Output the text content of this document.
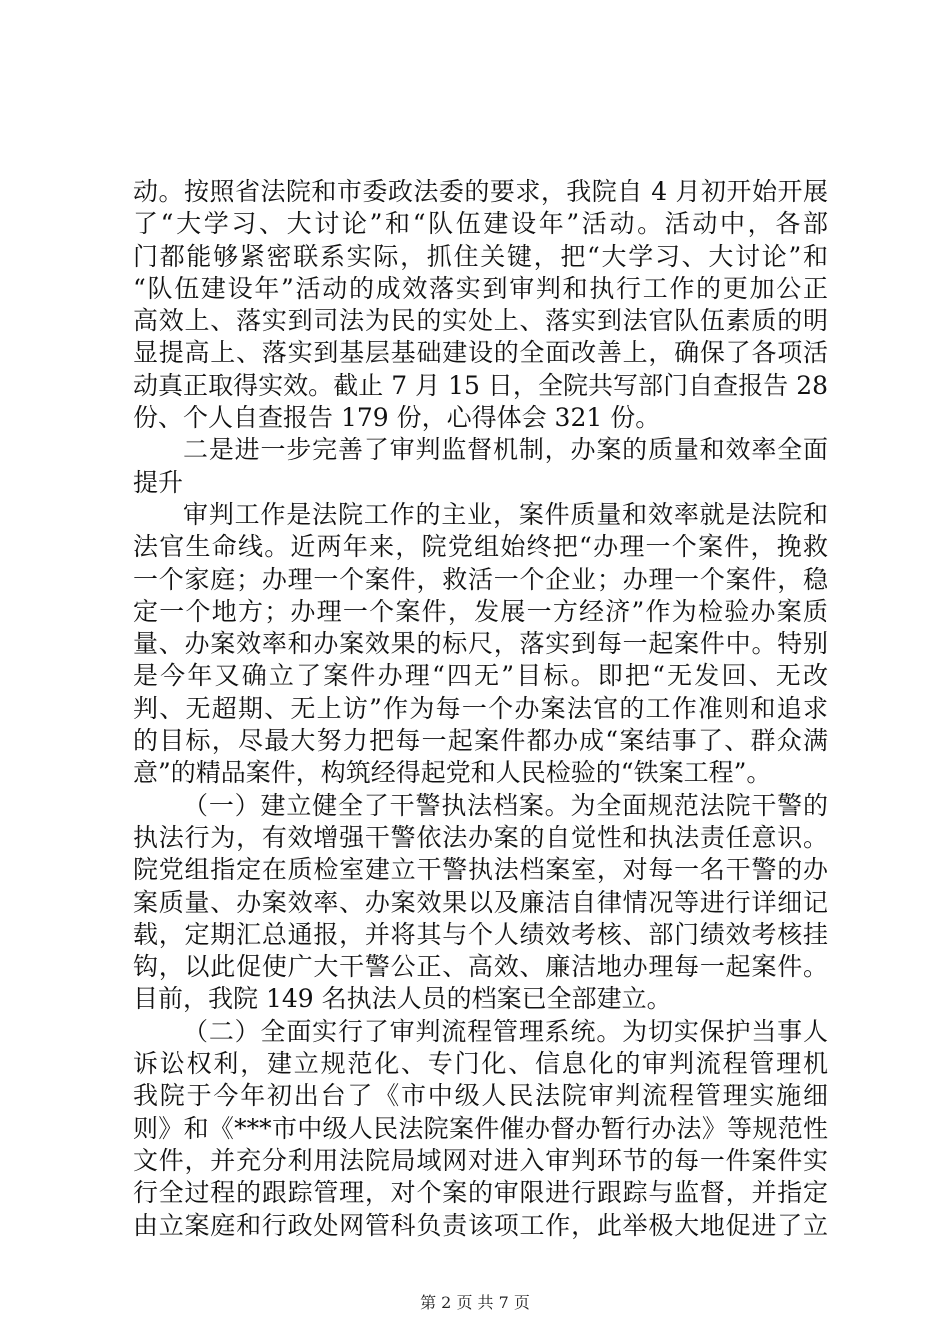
动。按照省法院和市委政法委的要求，我院自 4 月初开始开展
了“大学习、大讨论”和“队伍建设年”活动。活动中，各部
门都能够紧密联系实际，抓住关键，把“大学习、大讨论”和
“队伍建设年”活动的成效落实到审判和执行工作的更加公正
高效上、落实到司法为民的实处上、落实到法官队伍素质的明
显提高上、落实到基层基础建设的全面改善上，确保了各项活
动真正取得实效。截止 7 月 15 日，全院共写部门自查报告 28
份、个人自查报告 179 份，心得体会 321 份。
二是进一步完善了审判监督机制，办案的质量和效率全面
提升
审判工作是法院工作的主业，案件质量和效率就是法院和
法官生命线。近两年来，院党组始终把“办理一个案件，挽救
一个家庭；办理一个案件，救活一个企业；办理一个案件，稳
定一个地方；办理一个案件，发展一方经济”作为检验办案质
量、办案效率和办案效果的标尺，落实到每一起案件中。特别
是今年又确立了案件办理“四无”目标。即把“无发回、无改
判、无超期、无上访”作为每一个办案法官的工作准则和追求
的目标，尽最大努力把每一起案件都办成“案结事了、群众满
意”的精品案件，构筑经得起党和人民检验的“铁案工程”。
（一）建立健全了干警执法档案。为全面规范法院干警的
执法行为，有效增强干警依法办案的自觉性和执法责任意识。
院党组指定在质检室建立干警执法档案室，对每一名干警的办
案质量、办案效率、办案效果以及廉洁自律情况等进行详细记
载，定期汇总通报，并将其与个人绩效考核、部门绩效考核挂
钩，以此促使广大干警公正、高效、廉洁地办理每一起案件。
目前，我院 149 名执法人员的档案已全部建立。
（二）全面实行了审判流程管理系统。为切实保护当事人
诉讼权利，建立规范化、专门化、信息化的审判流程管理机
我院于今年初出台了《市中级人民法院审判流程管理实施细
则》和《***市中级人民法院案件催办督办暂行办法》等规范性
文件，并充分利用法院局域网对进入审判环节的每一件案件实
行全过程的跟踪管理，对个案的审限进行跟踪与监督，并指定
由立案庭和行政处网管科负责该项工作，此举极大地促进了立
第 2 页 共 7 页
